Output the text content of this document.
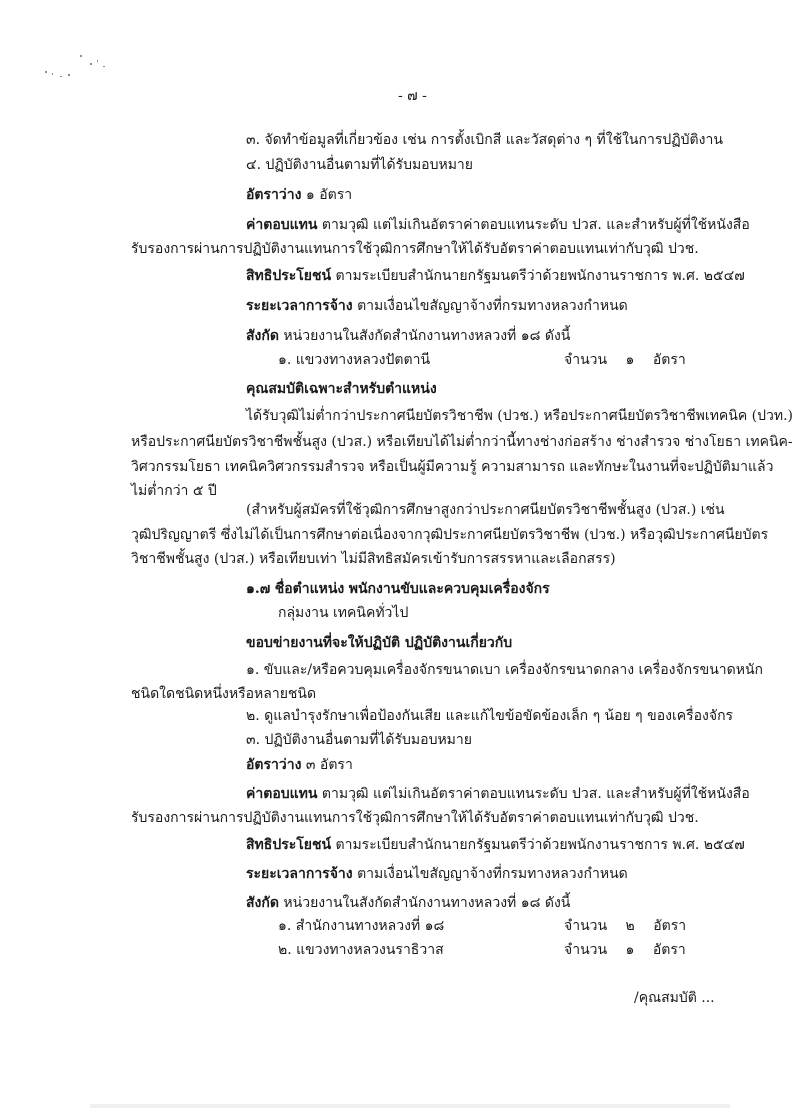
- ๗ -
๓. จัดทำข้อมูลที่เกี่ยวข้อง เช่น การตั้งเบิกสี และวัสดุต่าง ๆ ที่ใช้ในการปฏิบัติงาน
๔. ปฏิบัติงานอื่นตามที่ได้รับมอบหมาย
อัตราว่าง ๑ อัตรา
ค่าตอบแทน ตามวุฒิ แต่ไม่เกินอัตราค่าตอบแทนระดับ ปวส. และสำหรับผู้ที่ใช้หนังสือ
รับรองการผ่านการปฏิบัติงานแทนการใช้วุฒิการศึกษาให้ได้รับอัตราค่าตอบแทนเท่ากับวุฒิ ปวช.
สิทธิประโยชน์ ตามระเบียบสำนักนายกรัฐมนตรีว่าด้วยพนักงานราชการ พ.ศ. ๒๕๔๗
ระยะเวลาการจ้าง ตามเงื่อนไขสัญญาจ้างที่กรมทางหลวงกำหนด
สังกัด หน่วยงานในสังกัดสำนักงานทางหลวงที่ ๑๘ ดังนี้
๑. แขวงทางหลวงปัตตานี	จำนวน ๑ อัตรา
คุณสมบัติเฉพาะสำหรับตำแหน่ง
ได้รับวุฒิไม่ต่ำกว่าประกาศนียบัตรวิชาชีพ (ปวช.) หรือประกาศนียบัตรวิชาชีพเทคนิค (ปวท.)
หรือประกาศนียบัตรวิชาชีพชั้นสูง (ปวส.) หรือเทียบได้ไม่ต่ำกว่านี้ทางช่างก่อสร้าง ช่างสำรวจ ช่างโยธา เทคนิค-
วิศวกรรมโยธา เทคนิควิศวกรรมสำรวจ หรือเป็นผู้มีความรู้ ความสามารถ และทักษะในงานที่จะปฏิบัติมาแล้ว
ไม่ต่ำกว่า ๕ ปี
(สำหรับผู้สมัครที่ใช้วุฒิการศึกษาสูงกว่าประกาศนียบัตรวิชาชีพชั้นสูง (ปวส.) เช่น
วุฒิปริญญาตรี ซึ่งไม่ได้เป็นการศึกษาต่อเนื่องจากวุฒิประกาศนียบัตรวิชาชีพ (ปวช.) หรือวุฒิประกาศนียบัตร
วิชาชีพชั้นสูง (ปวส.) หรือเทียบเท่า ไม่มีสิทธิสมัครเข้ารับการสรรหาและเลือกสรร)
๑.๗ ชื่อตำแหน่ง พนักงานขับและควบคุมเครื่องจักร
กลุ่มงาน เทคนิคทั่วไป
ขอบข่ายงานที่จะให้ปฏิบัติ ปฏิบัติงานเกี่ยวกับ
๑. ขับและ/หรือควบคุมเครื่องจักรขนาดเบา เครื่องจักรขนาดกลาง เครื่องจักรขนาดหนัก
ชนิดใดชนิดหนึ่งหรือหลายชนิด
๒. ดูแลบำรุงรักษาเพื่อป้องกันเสีย และแก้ไขข้อขัดข้องเล็ก ๆ น้อย ๆ ของเครื่องจักร
๓. ปฏิบัติงานอื่นตามที่ได้รับมอบหมาย
อัตราว่าง ๓ อัตรา
ค่าตอบแทน ตามวุฒิ แต่ไม่เกินอัตราค่าตอบแทนระดับ ปวส. และสำหรับผู้ที่ใช้หนังสือ
รับรองการผ่านการปฏิบัติงานแทนการใช้วุฒิการศึกษาให้ได้รับอัตราค่าตอบแทนเท่ากับวุฒิ ปวช.
สิทธิประโยชน์ ตามระเบียบสำนักนายกรัฐมนตรีว่าด้วยพนักงานราชการ พ.ศ. ๒๕๔๗
ระยะเวลาการจ้าง ตามเงื่อนไขสัญญาจ้างที่กรมทางหลวงกำหนด
สังกัด หน่วยงานในสังกัดสำนักงานทางหลวงที่ ๑๘ ดังนี้
๑. สำนักงานทางหลวงที่ ๑๘	จำนวน ๒ อัตรา
๒. แขวงทางหลวงนราธิวาส	จำนวน ๑ อัตรา
/คุณสมบัติ ...
